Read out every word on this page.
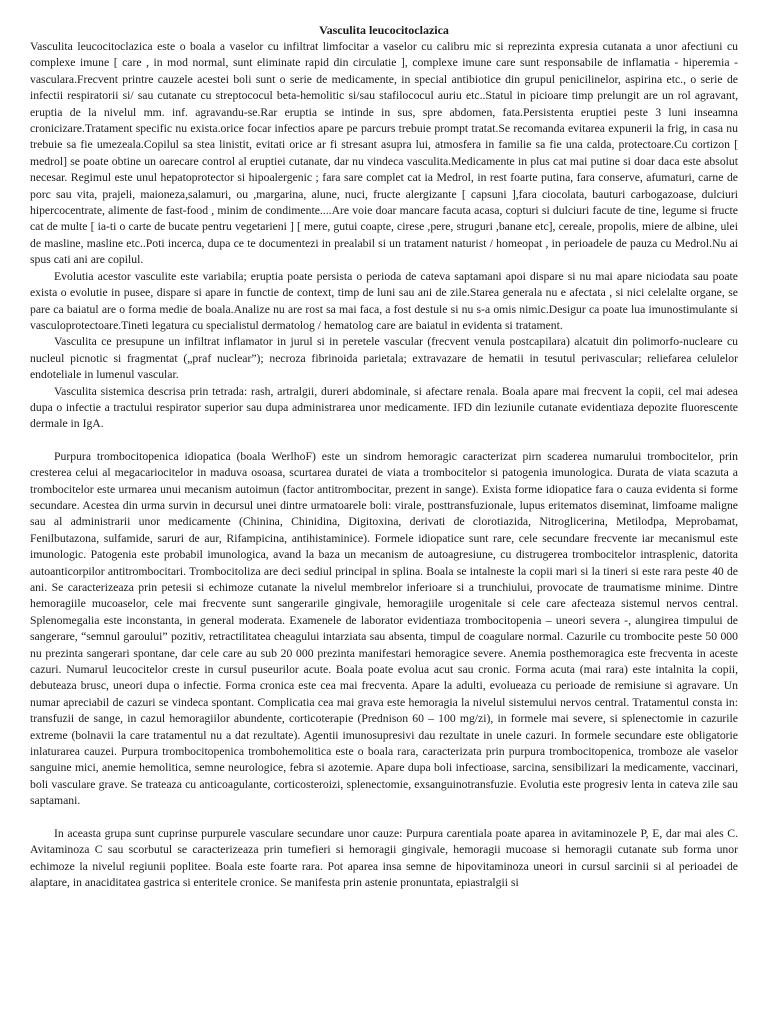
Vasculita leucocitoclazica

Vasculita leucocitoclazica este o boala a vaselor cu infiltrat limfocitar a vaselor cu calibru mic si reprezinta expresia cutanata a unor afectiuni cu complexe imune [ care , in mod normal, sunt eliminate rapid din circulatie ], complexe imune care sunt responsabile de inflamatia - hiperemia - vasculara.Frecvent printre cauzele acestei boli sunt o serie de medicamente, in special antibiotice din grupul penicilinelor, aspirina etc., o serie de infectii respiratorii si/ sau cutanate cu streptococul beta-hemolitic si/sau stafilococul auriu etc..Statul in picioare timp prelungit are un rol agravant, eruptia de la nivelul mm. inf. agravandu-se.Rar eruptia se intinde in sus, spre abdomen, fata.Persistenta eruptiei peste 3 luni inseamna cronicizare.Tratament specific nu exista.orice focar infectios apare pe parcurs trebuie prompt tratat.Se recomanda evitarea expunerii la frig, in casa nu trebuie sa fie umezeala.Copilul sa stea linistit, evitati orice ar fi stresant asupra lui, atmosfera in familie sa fie una calda, protectoare.Cu cortizon [ medrol] se poate obtine un oarecare control al eruptiei cutanate, dar nu vindeca vasculita.Medicamente in plus cat mai putine si doar daca este absolut necesar. Regimul este unul hepatoprotector si hipoalergenic ; fara sare complet cat ia Medrol, in rest foarte putina, fara conserve, afumaturi, carne de porc sau vita, prajeli, maioneza,salamuri, ou ,margarina, alune, nuci, fructe alergizante [ capsuni ],fara ciocolata, bauturi carbogazoase, dulciuri hipercocentrate, alimente de fast-food , minim de condimente....Are voie doar mancare facuta acasa, copturi si dulciuri facute de tine, legume si fructe cat de multe [ ia-ti o carte de bucate pentru vegetarieni ] [ mere, gutui coapte, cirese ,pere, struguri ,banane etc], cereale, propolis, miere de albine, ulei de masline, masline etc..Poti incerca, dupa ce te documentezi in prealabil si un tratament naturist / homeopat , in perioadele de pauza cu Medrol.Nu ai spus cati ani are copilul.

Evolutia acestor vasculite este variabila; eruptia poate persista o perioda de cateva saptamani apoi dispare si nu mai apare niciodata sau poate exista o evolutie in pusee, dispare si apare in functie de context, timp de luni sau ani de zile.Starea generala nu e afectata , si nici celelalte organe, se pare ca baiatul are o forma medie de boala.Analize nu are rost sa mai faca, a fost destule si nu s-a omis nimic.Desigur ca poate lua imunostimulante si vasculoprotectoare.Tineti legatura cu specialistul dermatolog / hematolog care are baiatul in evidenta si tratament.

Vasculita ce presupune un infiltrat inflamator in jurul si in peretele vascular (frecvent venula postcapilara) alcatuit din polimorfo-nucleare cu nucleul picnotic si fragmentat („praf nuclear”); necroza fibrinoida parietala; extravazare de hematii in tesutul perivascular; reliefarea celulelor endoteliale in lumenul vascular.

Vasculita sistemica descrisa prin tetrada: rash, artralgii, dureri abdominale, si afectare renala. Boala apare mai frecvent la copii, cel mai adesea dupa o infectie a tractului respirator superior sau dupa administrarea unor medicamente. IFD din leziunile cutanate evidentiaza depozite fluorescente dermale in IgA.

Purpura trombocitopenica idiopatica (boala WerlhoF) este un sindrom hemoragic caracterizat pirn scaderea numarului trombocitelor, prin cresterea celui al megacariocitelor in maduva osoasa, scurtarea duratei de viata a trombocitelor si patogenia imunologica. Durata de viata scazuta a trombocitelor este urmarea unui mecanism autoimun (factor antitrombocitar, prezent in sange). Exista forme idiopatice fara o cauza evidenta si forme secundare. Acestea din urma survin in decursul unei dintre urmatoarele boli: virale, posttransfuzionale, lupus eritematos diseminat, limfoame maligne sau al administrarii unor medicamente (Chinina, Chinidina, Digitoxina, derivati de clorotiazida, Nitroglicerina, Metilodpa, Meprobamat, Fenilbutazona, sulfamide, saruri de aur, Rifampicina, antihistaminice). Formele idiopatice sunt rare, cele secundare frecvente iar mecanismul este imunologic. Patogenia este probabil imunologica, avand la baza un mecanism de autoagresiune, cu distrugerea trombocitelor intrasplenic, datorita autoanticorpilor antitrombocitari. Trombocitoliza are deci sediul principal in splina. Boala se intalneste la copii mari si la tineri si este rara peste 40 de ani. Se caracterizeaza prin petesii si echimoze cutanate la nivelul membrelor inferioare si a trunchiului, provocate de traumatisme minime. Dintre hemoragiile mucoaselor, cele mai frecvente sunt sangerarile gingivale, hemoragiile urogenitale si cele care afecteaza sistemul nervos central. Splenomegalia este inconstanta, in general moderata. Examenele de laborator evidentiaza trombocitopenia – uneori severa -, alungirea timpului de sangerare, “semnul garoului” pozitiv, retractilitatea cheagului intarziata sau absenta, timpul de coagulare normal. Cazurile cu trombocite peste 50 000 nu prezinta sangerari spontane, dar cele care au sub 20 000 prezinta manifestari hemoragice severe. Anemia posthemoragica este frecventa in aceste cazuri. Numarul leucocitelor creste in cursul puseurilor acute. Boala poate evolua acut sau cronic. Forma acuta (mai rara) este intalnita la copii, debuteaza brusc, uneori dupa o infectie. Forma cronica este cea mai frecventa. Apare la adulti, evolueaza cu perioade de remisiune si agravare. Un numar apreciabil de cazuri se vindeca spontant. Complicatia cea mai grava este hemoragia la nivelul sistemului nervos central. Tratamentul consta in: transfuzii de sange, in cazul hemoragiilor abundente, corticoterapie (Prednison 60 – 100 mg/zi), in formele mai severe, si splenectomie in cazurile extreme (bolnavii la care tratamentul nu a dat rezultate). Agentii imunosupresivi dau rezultate in unele cazuri. In formele secundare este obligatorie inlaturarea cauzei. Purpura trombocitopenica trombohemolitica este o boala rara, caracterizata prin purpura trombocitopenica, tromboze ale vaselor sanguine mici, anemie hemolitica, semne neurologice, febra si azotemie. Apare dupa boli infectioase, sarcina, sensibilizari la medicamente, vaccinari, boli vasculare grave. Se trateaza cu anticoagulante, corticosteroizi, splenectomie, exsanguinotransfuzie. Evolutia este progresiv lenta in cateva zile sau saptamani.

In aceasta grupa sunt cuprinse purpurele vasculare secundare unor cauze: Purpura carentiala poate aparea in avitaminozele P, E, dar mai ales C. Avitaminoza C sau scorbutul se caracterizeaza prin tumefieri si hemoragii gingivale, hemoragii mucoase si hemoragii cutanate sub forma unor echimoze la nivelul regiunii poplitee. Boala este foarte rara. Pot aparea insa semne de hipovitaminoza uneori in cursul sarcinii si al perioadei de alaptare, in anaciditatea gastrica si enteritele cronice. Se manifesta prin astenie pronuntata, epiastralgii si
